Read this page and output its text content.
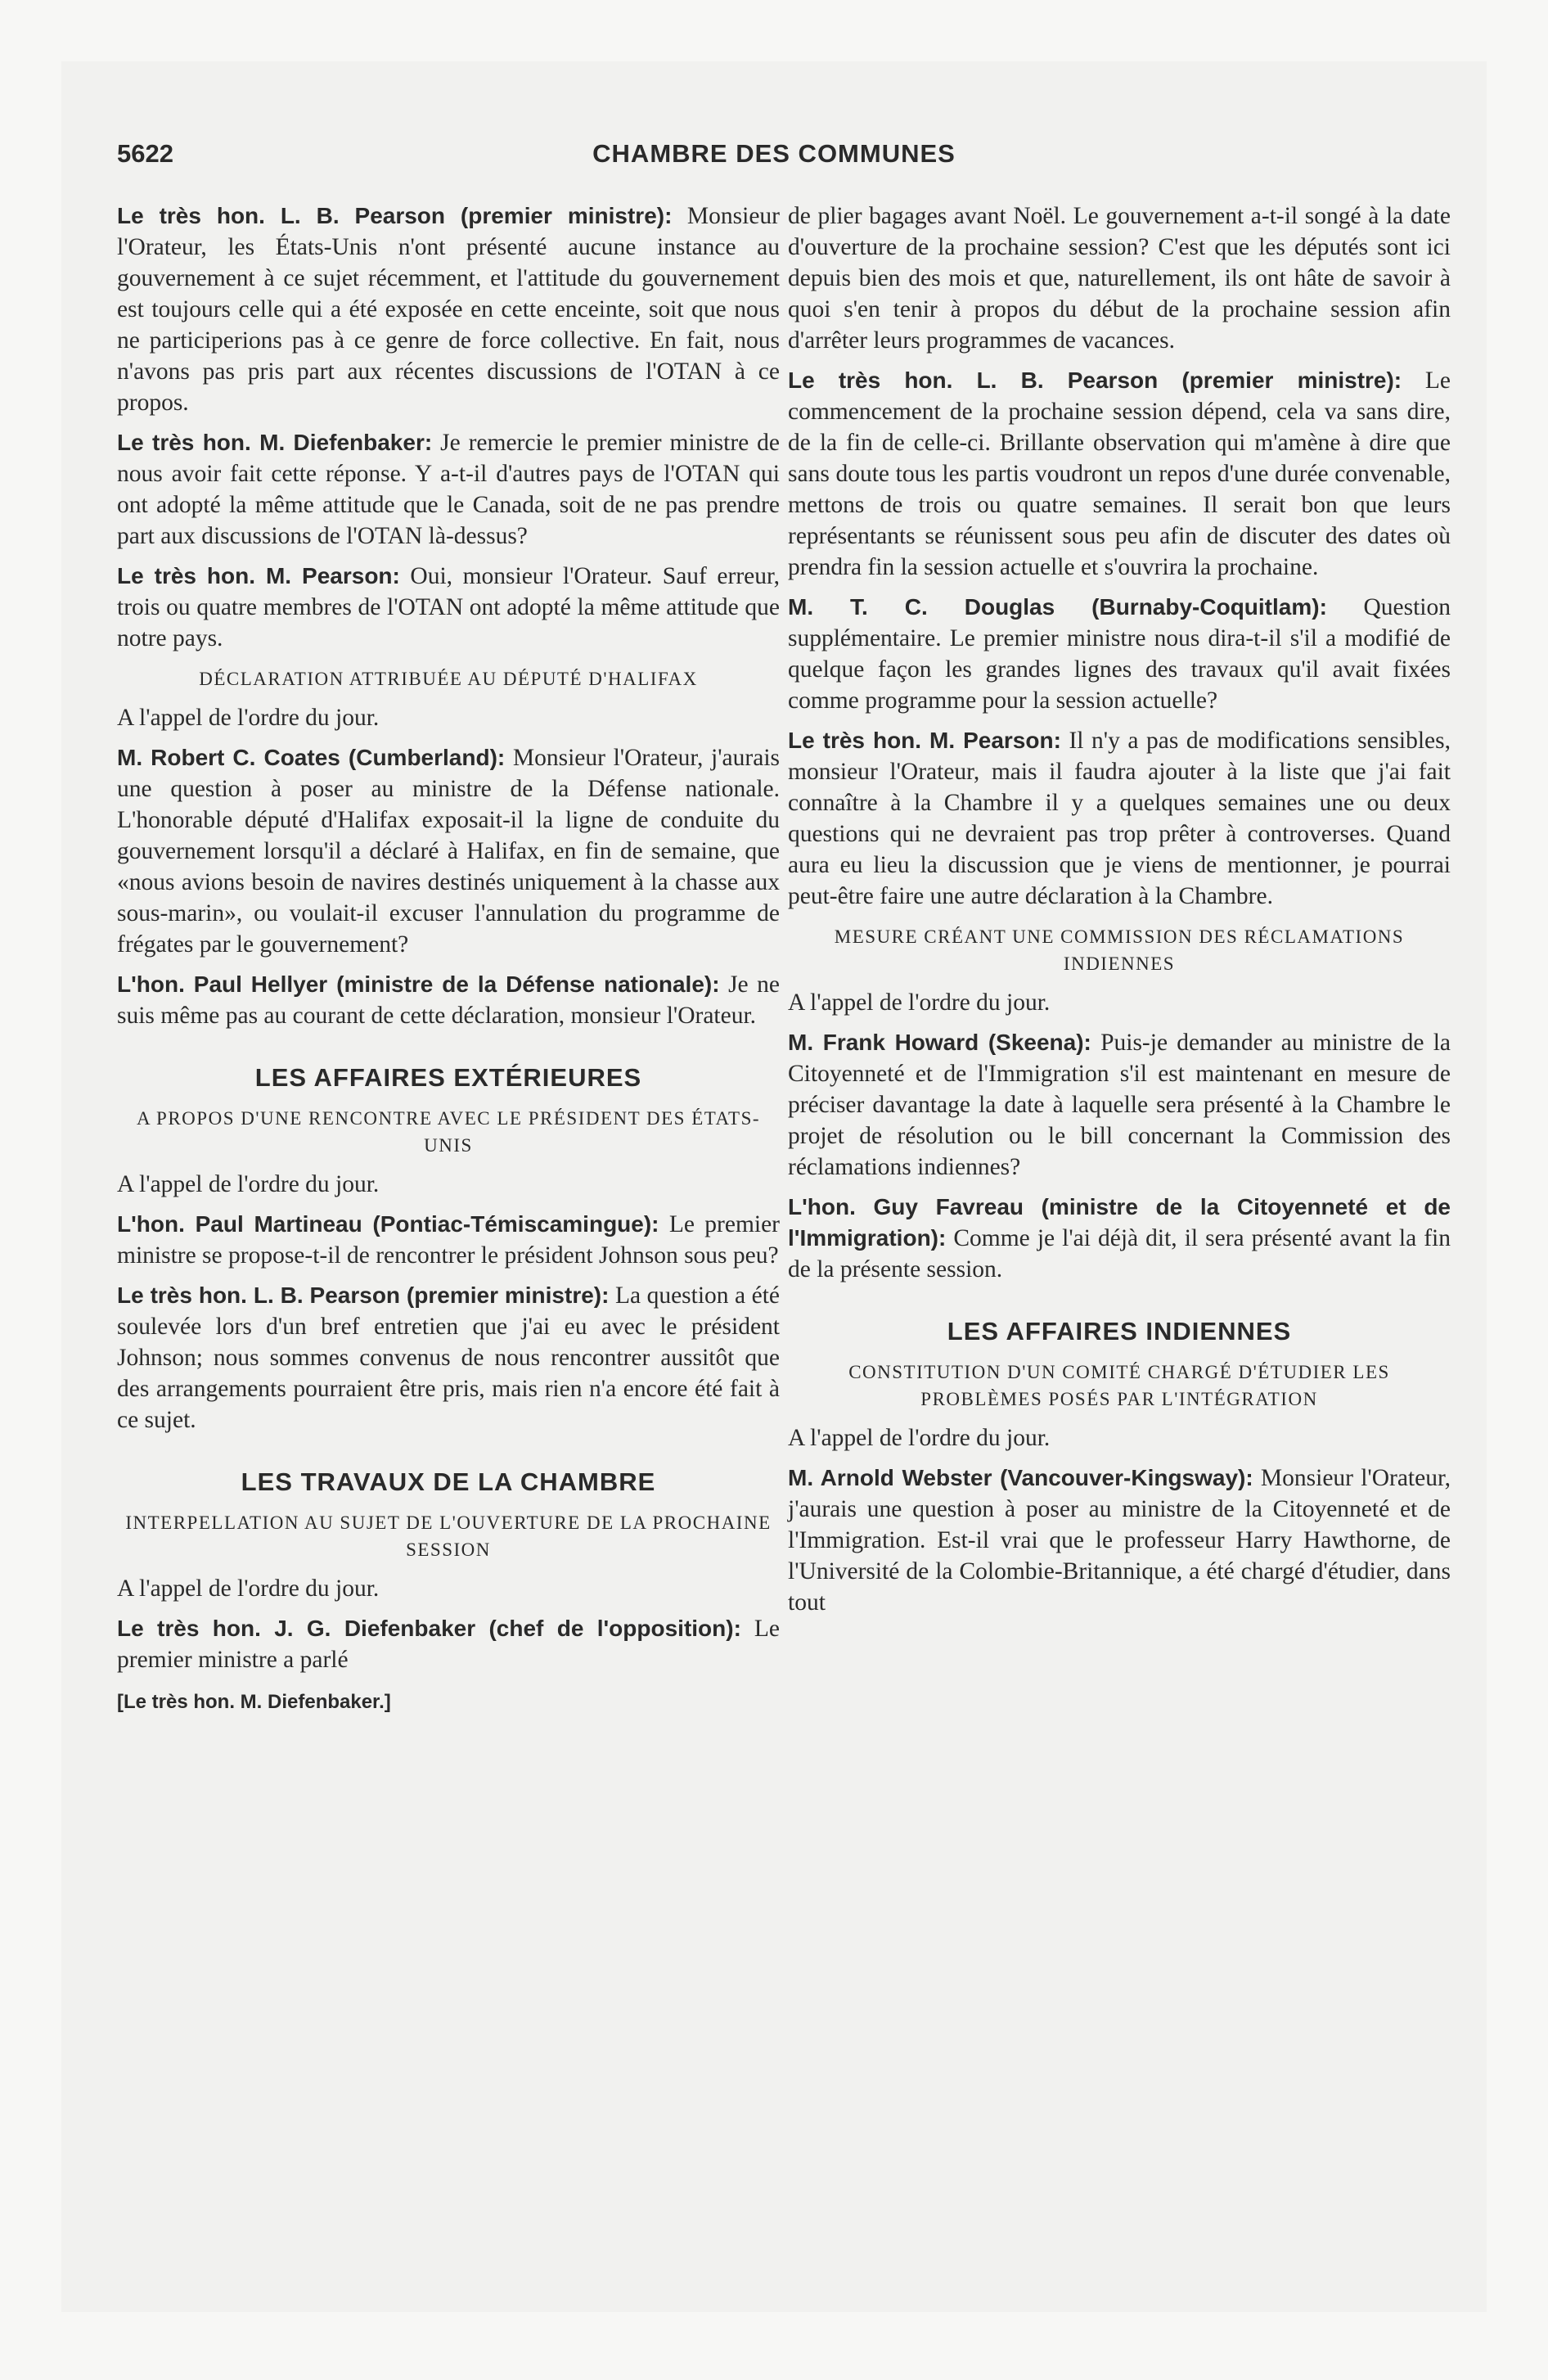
CHAMBRE DES COMMUNES
5622

Le très hon. L. B. Pearson (premier ministre): Monsieur l'Orateur, les États-Unis n'ont présenté aucune instance au gouvernement à ce sujet récemment, et l'attitude du gouvernement est toujours celle qui a été exposée en cette enceinte, soit que nous ne participerions pas à ce genre de force collective. En fait, nous n'avons pas pris part aux récentes discussions de l'OTAN à ce propos.

Le très hon. M. Diefenbaker: Je remercie le premier ministre de nous avoir fait cette réponse. Y a-t-il d'autres pays de l'OTAN qui ont adopté la même attitude que le Canada, soit de ne pas prendre part aux discussions de l'OTAN là-dessus?

Le très hon. M. Pearson: Oui, monsieur l'Orateur. Sauf erreur, trois ou quatre membres de l'OTAN ont adopté la même attitude que notre pays.

DÉCLARATION ATTRIBUÉE AU DÉPUTÉ D'HALIFAX

A l'appel de l'ordre du jour.

M. Robert C. Coates (Cumberland): Monsieur l'Orateur, j'aurais une question à poser au ministre de la Défense nationale. L'honorable député d'Halifax exposait-il la ligne de conduite du gouvernement lorsqu'il a déclaré à Halifax, en fin de semaine, que «nous avions besoin de navires destinés uniquement à la chasse aux sous-marin», ou voulait-il excuser l'annulation du programme de frégates par le gouvernement?

L'hon. Paul Hellyer (ministre de la Défense nationale): Je ne suis même pas au courant de cette déclaration, monsieur l'Orateur.

LES AFFAIRES EXTÉRIEURES
A PROPOS D'UNE RENCONTRE AVEC LE PRÉSIDENT DES ÉTATS-UNIS

A l'appel de l'ordre du jour.

L'hon. Paul Martineau (Pontiac-Témiscamingue): Le premier ministre se propose-t-il de rencontrer le président Johnson sous peu?

Le très hon. L. B. Pearson (premier ministre): La question a été soulevée lors d'un bref entretien que j'ai eu avec le président Johnson; nous sommes convenus de nous rencontrer aussitôt que des arrangements pourraient être pris, mais rien n'a encore été fait à ce sujet.

LES TRAVAUX DE LA CHAMBRE
INTERPELLATION AU SUJET DE L'OUVERTURE DE LA PROCHAINE SESSION

A l'appel de l'ordre du jour.

Le très hon. J. G. Diefenbaker (chef de l'opposition): Le premier ministre a parlé

[Le très hon. M. Diefenbaker.]

de plier bagages avant Noël. Le gouvernement a-t-il songé à la date d'ouverture de la prochaine session? C'est que les députés sont ici depuis bien des mois et que, naturellement, ils ont hâte de savoir à quoi s'en tenir à propos du début de la prochaine session afin d'arrêter leurs programmes de vacances.

Le très hon. L. B. Pearson (premier ministre): Le commencement de la prochaine session dépend, cela va sans dire, de la fin de celle-ci. Brillante observation qui m'amène à dire que sans doute tous les partis voudront un repos d'une durée convenable, mettons de trois ou quatre semaines. Il serait bon que leurs représentants se réunissent sous peu afin de discuter des dates où prendra fin la session actuelle et s'ouvrira la prochaine.

M. T. C. Douglas (Burnaby-Coquitlam): Question supplémentaire. Le premier ministre nous dira-t-il s'il a modifié de quelque façon les grandes lignes des travaux qu'il avait fixées comme programme pour la session actuelle?

Le très hon. M. Pearson: Il n'y a pas de modifications sensibles, monsieur l'Orateur, mais il faudra ajouter à la liste que j'ai fait connaître à la Chambre il y a quelques semaines une ou deux questions qui ne devraient pas trop prêter à controverses. Quand aura eu lieu la discussion que je viens de mentionner, je pourrai peut-être faire une autre déclaration à la Chambre.

MESURE CRÉANT UNE COMMISSION DES RÉCLAMATIONS INDIENNES

A l'appel de l'ordre du jour.

M. Frank Howard (Skeena): Puis-je demander au ministre de la Citoyenneté et de l'Immigration s'il est maintenant en mesure de préciser davantage la date à laquelle sera présenté à la Chambre le projet de résolution ou le bill concernant la Commission des réclamations indiennes?

L'hon. Guy Favreau (ministre de la Citoyenneté et de l'Immigration): Comme je l'ai déjà dit, il sera présenté avant la fin de la présente session.

LES AFFAIRES INDIENNES
CONSTITUTION D'UN COMITÉ CHARGÉ D'ÉTUDIER LES PROBLÈMES POSÉS PAR L'INTÉGRATION

A l'appel de l'ordre du jour.

M. Arnold Webster (Vancouver-Kingsway): Monsieur l'Orateur, j'aurais une question à poser au ministre de la Citoyenneté et de l'Immigration. Est-il vrai que le professeur Harry Hawthorne, de l'Université de la Colombie-Britannique, a été chargé d'étudier, dans tout
